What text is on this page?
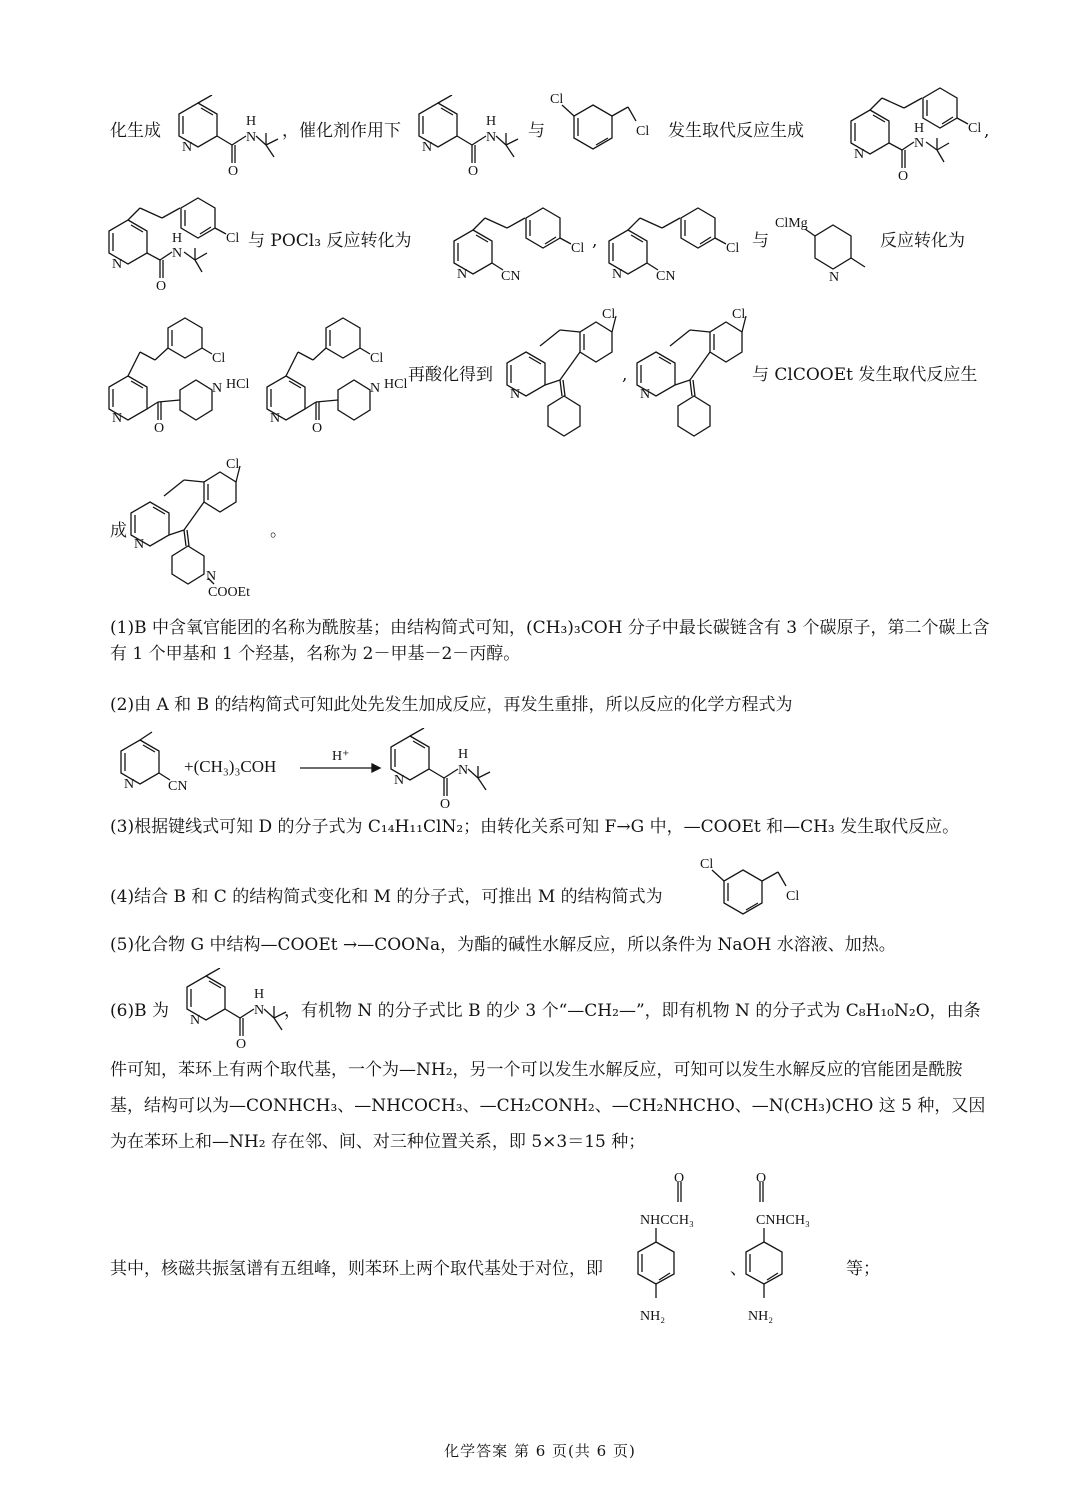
化生成
N
N
H
O
，催化剂作用下
N
N
H
O
与
Cl
Cl 发生取代反应生成
N
N
H
O
Cl ,
N
N
H
O
Cl 与 POCl₃ 反应转化为
N CN
Cl ,
N CN
Cl 与
ClMg
N
反应转化为
N
O
Cl
N HCl
N
O
Cl
N HCl 再酸化得到
N
Cl
,
N
Cl
与 ClCOOEt 发生取代反应生
成
N
Cl
N
COOEt
。
(1)B 中含氧官能团的名称为酰胺基；由结构简式可知，(CH₃)₃COH 分子中最长碳链含有 3 个碳原子，第二个碳上含有 1 个甲基和 1 个羟基，名称为 2－甲基－2－丙醇。
(2)由 A 和 B 的结构简式可知此处先发生加成反应，再发生重排，所以反应的化学方程式为
N CN
+(CH₃)₃COH
H⁺
N
N
H
O
(3)根据键线式可知 D 的分子式为 C₁₄H₁₁ClN₂；由转化关系可知 F→G 中，—COOEt 和—CH₃ 发生取代反应。
(4)结合 B 和 C 的结构简式变化和 M 的分子式，可推出 M 的结构简式为
Cl
Cl
(5)化合物 G 中结构—COOEt →—COONa，为酯的碱性水解反应，所以条件为 NaOH 水溶液、加热。
(6)B 为	N
N
H
O
，有机物 N 的分子式比 B 的少 3 个“—CH₂—”，即有机物 N 的分子式为 C₈H₁₀N₂O，由条
件可知，苯环上有两个取代基，一个为—NH₂，另一个可以发生水解反应，可知可以发生水解反应的官能团是酰胺基，结构可以为—CONHCH₃、—NHCOCH₃、—CH₂CONH₂、—CH₂NHCHO、—N(CH₃)CHO 这 5 种，又因为在苯环上和—NH₂ 存在邻、间、对三种位置关系，即 5×3＝15 种；
其中，核磁共振氢谱有五组峰，则苯环上两个取代基处于对位，即
O
NHCCH₃
NH₂
、
O
CNHCH₃
NH₂
等；
化学答案 第 6 页(共 6 页)
